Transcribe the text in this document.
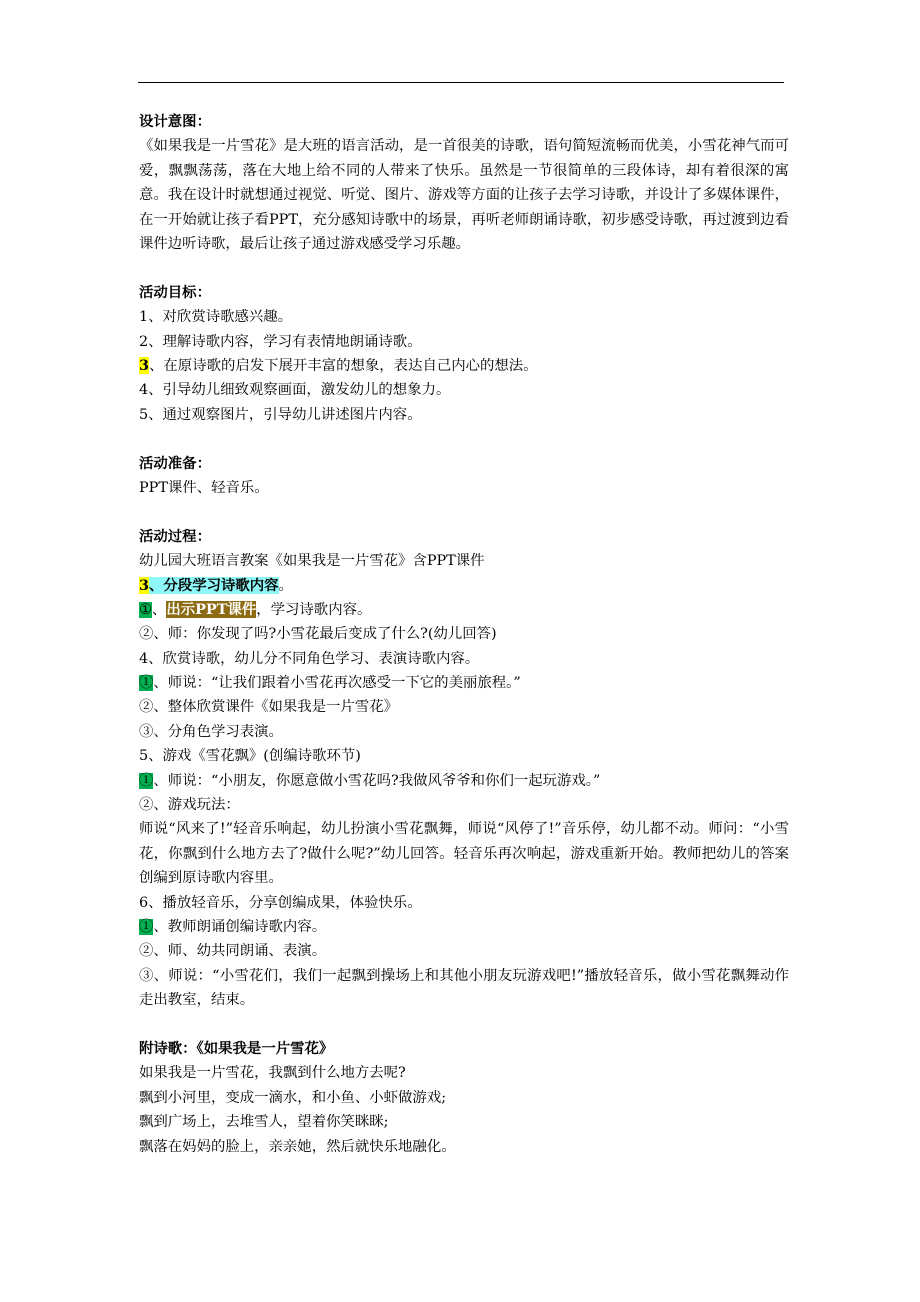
设计意图：
《如果我是一片雪花》是大班的语言活动，是一首很美的诗歌，语句简短流畅而优美，小雪花神气而可爱，飘飘荡荡，落在大地上给不同的人带来了快乐。虽然是一节很简单的三段体诗，却有着很深的寓意。我在设计时就想通过视觉、听觉、图片、游戏等方面的让孩子去学习诗歌，并设计了多媒体课件，在一开始就让孩子看PPT，充分感知诗歌中的场景，再听老师朗诵诗歌，初步感受诗歌，再过渡到边看课件边听诗歌，最后让孩子通过游戏感受学习乐趣。
活动目标：
1、对欣赏诗歌感兴趣。
2、理解诗歌内容，学习有表情地朗诵诗歌。
3、在原诗歌的启发下展开丰富的想象，表达自己内心的想法。
4、引导幼儿细致观察画面，激发幼儿的想象力。
5、通过观察图片，引导幼儿讲述图片内容。
活动准备：
PPT课件、轻音乐。
活动过程：
幼儿园大班语言教案《如果我是一片雪花》含PPT课件
3、分段学习诗歌内容。
①、出示PPT课件，学习诗歌内容。
②、师：你发现了吗?小雪花最后变成了什么?(幼儿回答)
4、欣赏诗歌，幼儿分不同角色学习、表演诗歌内容。
①、师说：“让我们跟着小雪花再次感受一下它的美丽旅程。”
②、整体欣赏课件《如果我是一片雪花》
③、分角色学习表演。
5、游戏《雪花飘》(创编诗歌环节)
①、师说：“小朋友，你愿意做小雪花吗?我做风爷爷和你们一起玩游戏。”
②、游戏玩法：
师说“风来了!”轻音乐响起，幼儿扮演小雪花飘舞，师说“风停了!”音乐停，幼儿都不动。师问：“小雪花，你飘到什么地方去了?做什么呢?”幼儿回答。轻音乐再次响起，游戏重新开始。教师把幼儿的答案创编到原诗歌内容里。
6、播放轻音乐，分享创编成果，体验快乐。
①、教师朗诵创编诗歌内容。
②、师、幼共同朗诵、表演。
③、师说：“小雪花们，我们一起飘到操场上和其他小朋友玩游戏吧!”播放轻音乐，做小雪花飘舞动作走出教室，结束。
附诗歌：《如果我是一片雪花》
如果我是一片雪花，我飘到什么地方去呢?
飘到小河里，变成一滴水，和小鱼、小虾做游戏;
飘到广场上，去堆雪人，望着你笑眯眯;
飘落在妈妈的脸上，亲亲她，然后就快乐地融化。
